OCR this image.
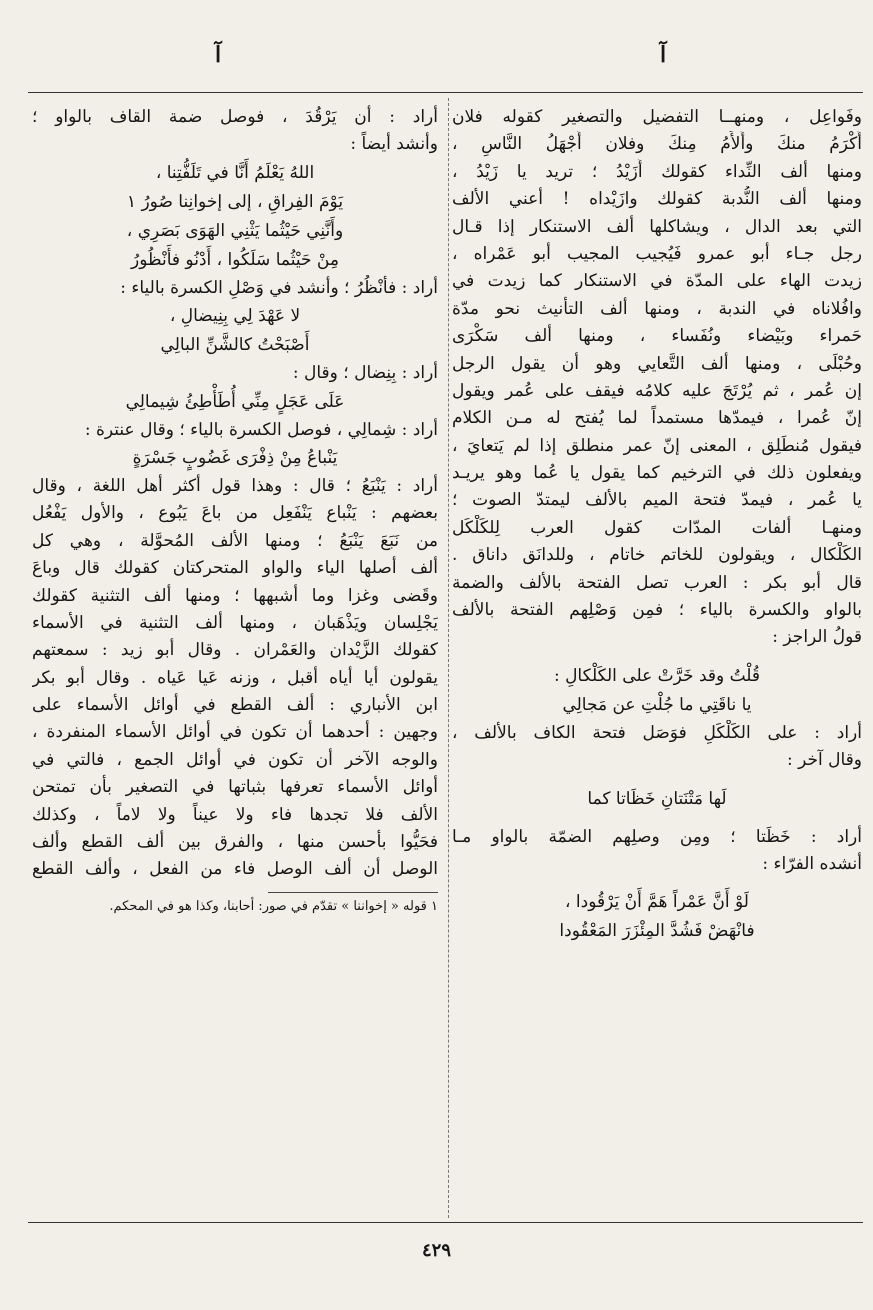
آ
آ
وفَواعِل ، ومنهــا التفضيل والتصغير كقوله فلان
أَكْرَمُ منكَ وأَلأَمُ مِنكَ وفلان أَجْهَلُ النَّاسِ ،
ومنها ألف النِّداء كقولك أَزَيْدُ ؛ تريد يا زَيْدُ ،
ومنها ألف النُّدبة كقولك وازَيْداه ! أعني الألف
التي بعد الدال ، ويشاكلها ألف الاستنكار إذا قـال
رجل جـاء أبو عمرو فَيُجيب المجيب أبو عَمْراه ،
زيدت الهاء على المدّة في الاستنكار كما زيدت في
وافُلاناه في الندبة ، ومنها ألف التأنيث نحو مدّة
حَمراء وبَيْضاء ونُفَساء ، ومنها ألف سَكْرَى
وحُبْلَى ، ومنها ألف التَّعايي وهو أن يقول الرجل
إن عُمر ، ثم يُرْتَجَ عليه كلامُه فيقف على عُمر ويقول
إنّ عُمرا ، فيمدّها مستمداً لما يُفتح له مـن الكلام
فيقول مُنطَلِق ، المعنى إنّ عمر منطلق إذا لم يَتعايَ ،
ويفعلون ذلك في الترخيم كما يقول يا عُما وهو يريـد
يا عُمر ، فيمدّ فتحة الميم بالألف ليمتدّ الصوت ؛
ومنهـا ألفات المدّات كقول العرب لِلكَلْكَل
الكَلْكال ، ويقولون للخاتم خاتام ، وللدانَق داناق .
قال أبو بكر : العرب تصل الفتحة بالألف والضمة
بالواو والكسرة بالياء ؛ فمِن وَصْلِهم الفتحة بالألف
قولُ الراجز :
قُلْتُ وقد خَرَّتْ على الكَلْكالِ :
يا ناقَتِي ما جُلْتِ عن مَجالِي
أراد : على الكَلْكَلِ فوَصَل فتحة الكاف بالألف ،
وقال آخر :
لَها مَتْنَتانِ خَظَاتا كما
أراد : خَظَتا ؛ ومِن وصلِهم الضمّة بالواو مـا
أنشده الفرّاء :
لَوْ أَنَّ عَمْراً هَمَّ أَنْ يَرْقُودا ،
فانْهَضْ فَشُدَّ المِئْزَرَ المَعْقُودا
أراد : أن يَرْقُدَ ، فوصل ضمة القاف بالواو ؛
وأنشد أيضاً :
اللهُ يَعْلَمُ أَنَّا في تَلَفُّتِنا ،
يَوْمَ الفِراقِ ، إلى إخوانِنا صُورُ ١
وأَنَّنِي حَيْثُما يَثْنِي الهَوَى بَصَرِي ،
مِنْ حَيْثُما سَلَكُوا ، أَدْنُو فأَنْظُورُ
أراد : فأَنْظُرُ ؛ وأنشد في وَصْلِ الكسرة بالياء :
لا عَهْدَ لِي بِنِيضالِ ،
أَصْبَحْتُ كالشَّنِّ البالِي
أراد : بِنِضال ؛ وقال :
عَلَى عَجَلٍ مِنِّي أُطَأْطِئُ شِيمالِي
أراد : شِمالِي ، فوصل الكسرة بالياء ؛ وقال عنترة :
يَنْباعُ مِنْ ذِفْرَى غَضُوبٍ جَسْرَةٍ
أراد : يَنْبَعُ ؛ قال : وهذا قول أكثر أهل اللغة ، وقال
بعضهم : يَنْباع يَنْفَعِل من باعَ يَبُوع ، والأول يَفْعُل
من نَبَعَ يَنْبَعُ ؛ ومنها الألف المُحوَّلة ، وهي كل
ألف أصلها الياء والواو المتحركتان كقولك قال وباعَ
وقَضى وغزا وما أشبهها ؛ ومنها ألف التثنية كقولك
يَجْلِسان ويَذْهَبان ، ومنها ألف التثنية في الأسماء
كقولك الزَّيْدان والعَمْران . وقال أبو زيد : سمعتهم
يقولون أيا أياه أقبل ، وزنه عَيا عَياه . وقال أبو بكر
ابن الأنباري : ألف القطع في أوائل الأسماء على
وجهين : أحدهما أن تكون في أوائل الأسماء المنفردة ،
والوجه الآخر أن تكون في أوائل الجمع ، فالتي في
أوائل الأسماء تعرفها بثباتها في التصغير بأَن تمتحن
الألف فلا تجدها فاء ولا عيناً ولا لاماً ، وكذلك
فحَيُّوا بأَحسن منها ، والفرق بين ألف القطع وألف
الوصل أن ألف الوصل فاء من الفعل ، وألف القطع
١ قوله « إخواننا » تقدّم في صور: أحابنا، وكذا هو في المحكم.
٤٢٩
